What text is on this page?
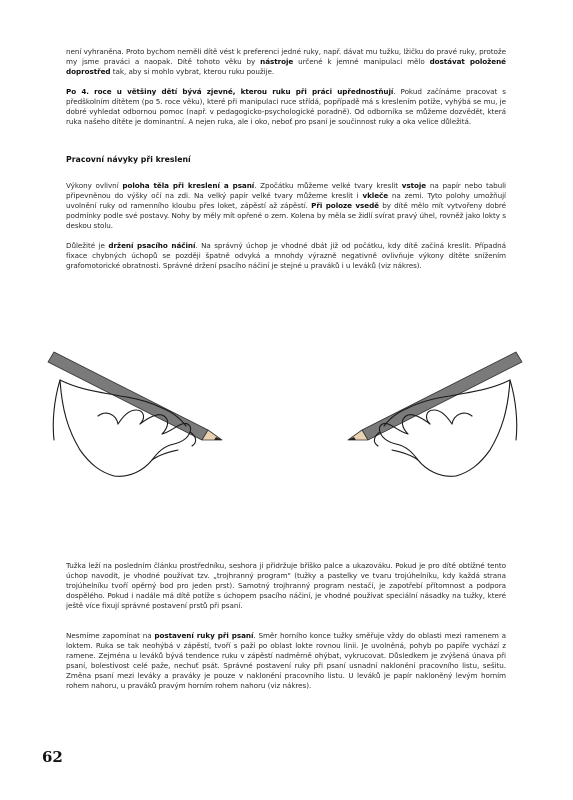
není vyhraněna. Proto bychom neměli dítě vést k preferenci jedné ruky, např. dávat mu tužku, lžičku do pravé ruky, protože my jsme praváci a naopak. Dítě tohoto věku by nástroje určené k jemné manipulaci mělo dostávat položené doprostřed tak, aby si mohlo vybrat, kterou ruku použije.

Po 4. roce u většiny dětí bývá zjevné, kterou ruku při práci upřednostňují. Pokud začínáme pracovat s předškolním dítětem (po 5. roce věku), které při manipulaci ruce střídá, popřípadě má s kreslením potíže, vyhýbá se mu, je dobré vyhledat odbornou pomoc (např. v pedagogicko-psychologické poradně). Od odborníka se můžeme dozvědět, která ruka našeho dítěte je dominantní. A nejen ruka, ale i oko, neboť pro psaní je součinnost ruky a oka velice důležitá.

Pracovní návyky při kreslení

Výkony ovlivní poloha těla při kreslení a psaní. Zpočátku můžeme velké tvary kreslit vstoje na papír nebo tabuli připevněnou do výšky očí na zdi. Na velký papír velké tvary můžeme kreslit i vkleče na zemi. Tyto polohy umožňují uvolnění ruky od ramenního kloubu přes loket, zápěstí až zápěstí. Při poloze vsedě by dítě mělo mít vytvořeny dobré podmínky podle své postavy. Nohy by měly mít opřené o zem. Kolena by měla se židlí svírat pravý úhel, rovněž jako lokty s deskou stolu.

Důležité je držení psacího náčiní. Na správný úchop je vhodné dbát již od počátku, kdy dítě začíná kreslit. Případná fixace chybných úchopů se později špatně odvyká a mnohdy výrazně negativně ovlivňuje výkony dítěte snížením grafomotorické obratnosti. Správné držení psacího náčiní je stejné u praváků i u leváků (viz nákres).

Tužka leží na posledním článku prostředníku, seshora ji přidržuje bříško palce a ukazováku. Pokud je pro dítě obtížné tento úchop navodit, je vhodné používat tzv. „trojhranný program" (tužky a pastelky ve tvaru trojúhelníku, kdy každá strana trojúhelníku tvoří opěrný bod pro jeden prst). Samotný trojhranný program nestačí, je zapotřebí přítomnost a podpora dospělého. Pokud i nadále má dítě potíže s úchopem psacího náčiní, je vhodné používat speciální násadky na tužky, které ještě více fixují správné postavení prstů při psaní.

Nesmíme zapomínat na postavení ruky při psaní. Směr horního konce tužky směřuje vždy do oblasti mezi ramenem a loktem. Ruka se tak neohýbá v zápěstí, tvoří s paží po oblast lokte rovnou linii. Je uvolněná, pohyb po papíře vychází z ramene. Zejména u leváků bývá tendence ruku v zápěstí nadměrně ohýbat, vykrucovat. Důsledkem je zvýšená únava při psaní, bolestivost celé paže, nechuť psát. Správné postavení ruky při psaní usnadní naklonění pracovního listu, sešitu. Změna psaní mezi levákу a praváky je pouze v naklonění pracovního listu. U leváků je papír nakloněný levým horním rohem nahoru, u praváků pravým horním rohem nahoru (viz nákres).

62
